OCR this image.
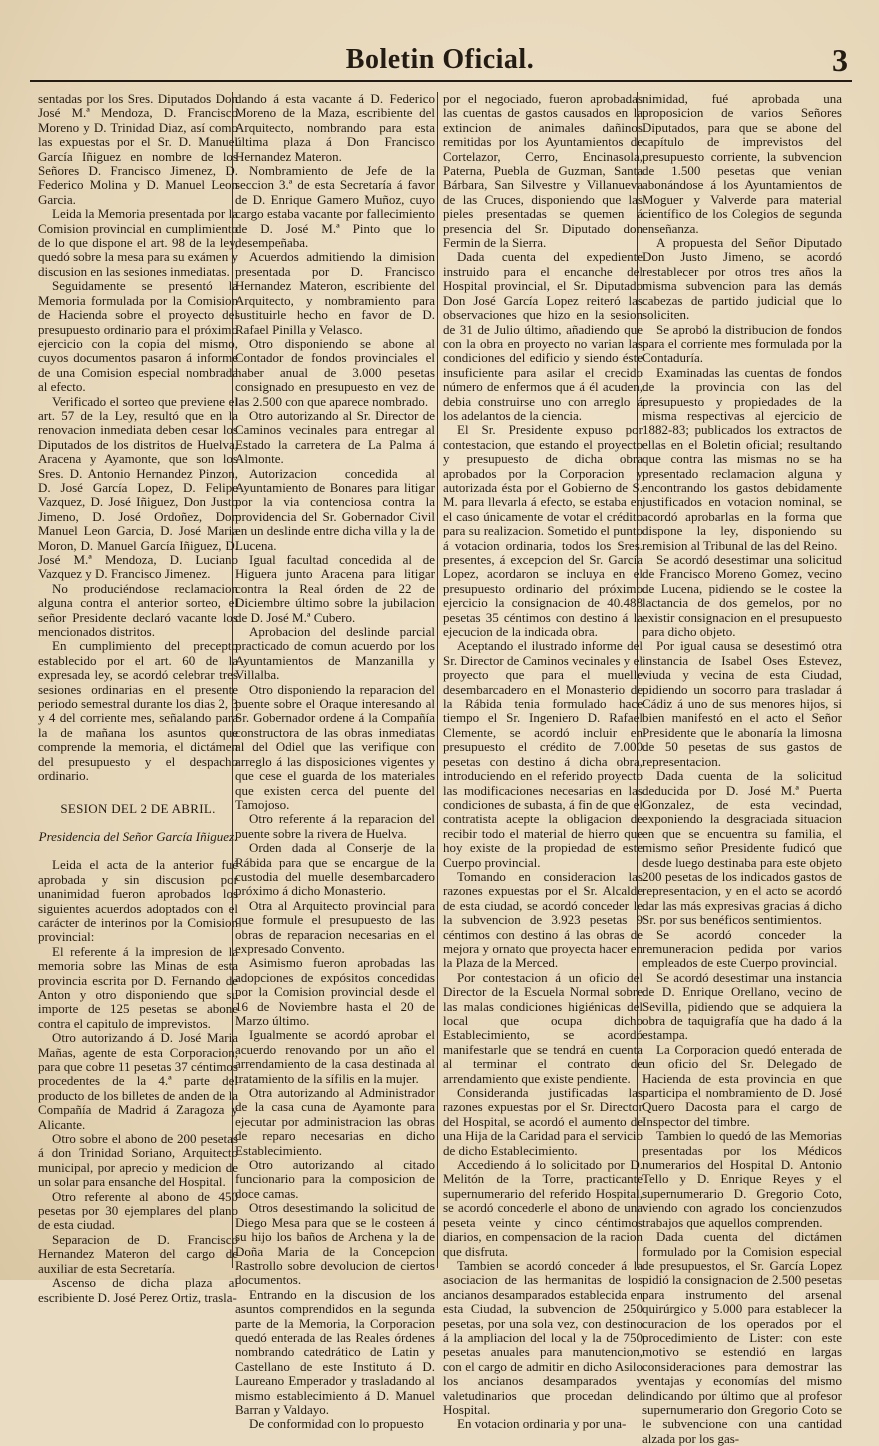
Boletin Oficial.	3

sentadas por los Sres. Diputados Don José M.ª Mendoza, D. Francisco Moreno y D. Trinidad Diaz, así como las expuestas por el Sr. D. Manuel García Iñiguez en nombre de los Señores D. Francisco Jimenez, D. Federico Molina y D. Manuel Leon Garcia.

Leida la Memoria presentada por la Comision provincial en cumplimiento de lo que dispone el art. 98 de la ley, quedó sobre la mesa para su exámen y discusion en las sesiones inmediatas.

Seguidamente se presentó la Memoria formulada por la Comision de Hacienda sobre el proyecto del presupuesto ordinario para el próximo ejercicio con la copia del mismo, cuyos documentos pasaron á informe de una Comision especial nombrada al efecto.

Verificado el sorteo que previene el art. 57 de la Ley, resultó que en la renovacion inmediata deben cesar los Diputados de los distritos de Huelva, Aracena y Ayamonte, que son los Sres. D. Antonio Hernandez Pinzon, D. José García Lopez, D. Felipe Vazquez, D. José Iñiguez, Don Justo Jimeno, D. José Ordoñez, Don Manuel Leon Garcia, D. José Maria Moron, D. Manuel García Iñiguez, D. José M.ª Mendoza, D. Luciano Vazquez y D. Francisco Jimenez.

No produciéndose reclamacion alguna contra el anterior sorteo, el señor Presidente declaró vacante los mencionados distritos.

En cumplimiento del precepto establecido por el art. 60 de la expresada ley, se acordó celebrar tres sesiones ordinarias en el presente periodo semestral durante los dias 2, 3 y 4 del corriente mes, señalando para la de mañana los asuntos que comprende la memoria, el dictámen del presupuesto y el despacho ordinario.

SESION DEL 2 DE ABRIL.

Presidencia del Señor García Iñiguez.

Leida el acta de la anterior fué aprobada y sin discusion por unanimidad fueron aprobados los siguientes acuerdos adoptados con el carácter de interinos por la Comision provincial:

El referente á la impresion de la memoria sobre las Minas de esta provincia escrita por D. Fernando de Anton y otro disponiendo que su importe de 125 pesetas se abone contra el capitulo de imprevistos.

Otro autorizando á D. José Maria Mañas, agente de esta Corporacion, para que cobre 11 pesetas 37 céntimos procedentes de la 4.ª parte del producto de los billetes de anden de la Compañía de Madrid á Zaragoza y Alicante.

Otro sobre el abono de 200 pesetas á don Trinidad Soriano, Arquitecto municipal, por aprecio y medicion de un solar para ensanche del Hospital.

Otro referente al abono de 450 pesetas por 30 ejemplares del plano de esta ciudad.

Separacion de D. Francisco Hernandez Materon del cargo de auxiliar de esta Secretaría.

Ascenso de dicha plaza al escribiente D. José Perez Ortiz, trasla-

dando á esta vacante á D. Federico Moreno de la Maza, escribiente del Arquitecto, nombrando para esta última plaza á Don Francisco Hernandez Materon.

Nombramiento de Jefe de la seccion 3.ª de esta Secretaría á favor de D. Enrique Gamero Muñoz, cuyo cargo estaba vacante por fallecimiento de D. José M.ª Pinto que lo desempeñaba.

Acuerdos admitiendo la dimision presentada por D. Francisco Hernandez Materon, escribiente del Arquitecto, y nombramiento para sustituirle hecho en favor de D. Rafael Pinilla y Velasco.

Otro disponiendo se abone al Contador de fondos provinciales el haber anual de 3.000 pesetas consignado en presupuesto en vez de las 2.500 con que aparece nombrado.

Otro autorizando al Sr. Director de Caminos vecinales para entregar al Estado la carretera de La Palma á Almonte.

Autorizacion concedida al Ayuntamiento de Bonares para litigar por la via contenciosa contra la providencia del Sr. Gobernador Civil en un deslinde entre dicha villa y la de Lucena.

Igual facultad concedida al de Higuera junto Aracena para litigar contra la Real órden de 22 de Diciembre último sobre la jubilacion de D. José M.ª Cubero.

Aprobacion del deslinde parcial practicado de comun acuerdo por los Ayuntamientos de Manzanilla y Villalba.

Otro disponiendo la reparacion del puente sobre el Oraque interesando al Sr. Gobernador ordene á la Compañía constructora de las obras inmediatas al del Odiel que las verifique con arreglo á las disposiciones vigentes y que cese el guarda de los materiales que existen cerca del puente del Tamojoso.

Otro referente á la reparacion del puente sobre la rivera de Huelva.

Orden dada al Conserje de la Rábida para que se encargue de la custodia del muelle desembarcadero próximo á dicho Monasterio.

Otra al Arquitecto provincial para que formule el presupuesto de las obras de reparacion necesarias en el expresado Convento.

Asimismo fueron aprobadas las adopciones de expósitos concedidas por la Comision provincial desde el 16 de Noviembre hasta el 20 de Marzo último.

Igualmente se acordó aprobar el acuerdo renovando por un año el arrendamiento de la casa destinada al tratamiento de la sífilis en la mujer.

Otra autorizando al Administrador de la casa cuna de Ayamonte para ejecutar por administracion las obras de reparo necesarias en dicho Establecimiento.

Otro autorizando al citado funcionario para la composicion de doce camas.

Otros desestimando la solicitud de Diego Mesa para que se le costeen á su hijo los baños de Archena y la de Doña Maria de la Concepcion Rastrollo sobre devolucion de ciertos documentos.

Entrando en la discusion de los asuntos comprendidos en la segunda parte de la Memoria, la Corporacion quedó enterada de las Reales órdenes nombrando catedrático de Latin y Castellano de este Instituto á D. Laureano Emperador y trasladando al mismo establecimiento á D. Manuel Barran y Valdayo.

De conformidad con lo propuesto

por el negociado, fueron aprobadas las cuentas de gastos causados en la extincion de animales dañinos remitidas por los Ayuntamientos de Cortelazor, Cerro, Encinasola, Paterna, Puebla de Guzman, Santa Bárbara, San Silvestre y Villanueva de las Cruces, disponiendo que las pieles presentadas se quemen á presencia del Sr. Diputado don Fermin de la Sierra.

Dada cuenta del expediente instruido para el encanche del Hospital provincial, el Sr. Diputado Don José García Lopez reiteró las observaciones que hizo en la sesion de 31 de Julio último, añadiendo que con la obra en proyecto no varian las condiciones del edificio y siendo éste insuficiente para asilar el crecido número de enfermos que á él acuden, debia construirse uno con arreglo á los adelantos de la ciencia.

El Sr. Presidente expuso por contestacion, que estando el proyecto y presupuesto de dicha obra aprobados por la Corporacion y autorizada ésta por el Gobierno de S. M. para llevarla á efecto, se estaba en el caso únicamente de votar el crédito para su realizacion. Sometido el punto á votacion ordinaria, todos los Sres. presentes, á excepcion del Sr. García Lopez, acordaron se incluya en el presupuesto ordinario del próximo ejercicio la consignacion de 40.488 pesetas 35 céntimos con destino á la ejecucion de la indicada obra.

Aceptando el ilustrado informe del Sr. Director de Caminos vecinales y el proyecto que para el muelle desembarcadero en el Monasterio de la Rábida tenia formulado hace tiempo el Sr. Ingeniero D. Rafael Clemente, se acordó incluir en presupuesto el crédito de 7.000 pesetas con destino á dicha obra, introduciendo en el referido proyecto las modificaciones necesarias en las condiciones de subasta, á fin de que el contratista acepte la obligacion de recibir todo el material de hierro que hoy existe de la propiedad de este Cuerpo provincial.

Tomando en consideracion las razones expuestas por el Sr. Alcalde de esta ciudad, se acordó conceder le la subvencion de 3.923 pesetas 9 céntimos con destino á las obras de mejora y ornato que proyecta hacer en la Plaza de la Merced.

Por contestacion á un oficio del Director de la Escuela Normal sobre las malas condiciones higiénicas del local que ocupa dicho Establecimiento, se acordó manifestarle que se tendrá en cuenta al terminar el contrato de arrendamiento que existe pendiente.

Consideranda justificadas las razones expuestas por el Sr. Director del Hospital, se acordó el aumento de una Hija de la Caridad para el servicio de dicho Establecimiento.

Accediendo á lo solicitado por D. Melitón de la Torre, practicante supernumerario del referido Hospital, se acordó concederle el abono de una peseta veinte y cinco céntimos diarios, en compensacion de la racion que disfruta.

Tambien se acordó conceder á la asociacion de las hermanitas de los ancianos desamparados establecida en esta Ciudad, la subvencion de 250 pesetas, por una sola vez, con destino á la ampliacion del local y la de 750 pesetas anuales para manutencion, con el cargo de admitir en dicho Asilo los ancianos desamparados y valetudinarios que procedan del Hospital.

En votacion ordinaria y por una-

nimidad, fué aprobada una proposicion de varios Señores Diputados, para que se abone del capítulo de imprevistos del presupuesto corriente, la subvencion de 1.500 pesetas que venian abonándose á los Ayuntamientos de Moguer y Valverde para material científico de los Colegios de segunda enseñanza.

A propuesta del Señor Diputado Don Justo Jimeno, se acordó restablecer por otros tres años la misma subvencion para las demás cabezas de partido judicial que lo soliciten.

Se aprobó la distribucion de fondos para el corriente mes formulada por la Contaduría.

Examinadas las cuentas de fondos de la provincia con las del presupuesto y propiedades de la misma respectivas al ejercicio de 1882-83; publicados los extractos de ellas en el Boletin oficial; resultando que contra las mismas no se ha presentado reclamacion alguna y encontrando los gastos debidamente justificados en votacion nominal, se acordó aprobarlas en la forma que dispone la ley, disponiendo su remision al Tribunal de las del Reino.

Se acordó desestimar una solicitud de Francisco Moreno Gomez, vecino de Lucena, pidiendo se le costee la lactancia de dos gemelos, por no existir consignacion en el presupuesto para dicho objeto.

Por igual causa se desestimó otra instancia de Isabel Oses Estevez, viuda y vecina de esta Ciudad, pidiendo un socorro para trasladar á Cádiz á uno de sus menores hijos, si bien manifestó en el acto el Señor Presidente que le abonaría la limosna de 50 pesetas de sus gastos de representacion.

Dada cuenta de la solicitud deducida por D. José M.ª Puerta Gonzalez, de esta vecindad, exponiendo la desgraciada situacion en que se encuentra su familia, el mismo señor Presidente fudicó que desde luego destinaba para este objeto 200 pesetas de los indicados gastos de representacion, y en el acto se acordó dar las más expresivas gracias á dicho Sr. por sus benéficos sentimientos.

Se acordó conceder la remuneracion pedida por varios empleados de este Cuerpo provincial.

Se acordó desestimar una instancia de D. Enrique Orellano, vecino de Sevilla, pidiendo que se adquiera la obra de taquigrafía que ha dado á la estampa.

La Corporacion quedó enterada de un oficio del Sr. Delegado de Hacienda de esta provincia en que participa el nombramiento de D. José Quero Dacosta para el cargo de Inspector del timbre.

Tambien lo quedó de las Memorias presentadas por los Médicos numerarios del Hospital D. Antonio Tello y D. Enrique Reyes y el supernumerario D. Gregorio Coto, viendo con agrado los concienzudos trabajos que aquellos comprenden.

Dada cuenta del dictámen formulado por la Comision especial de presupuestos, el Sr. García Lopez pidió la consignacion de 2.500 pesetas para instrumento del arsenal quirúrgico y 5.000 para establecer la curacion de los operados por el procedimiento de Lister: con este motivo se estendió en largas consideraciones para demostrar las ventajas y economías del mismo indicando por último que al profesor supernumerario don Gregorio Coto se le subvencione con una cantidad alzada por los gas-
